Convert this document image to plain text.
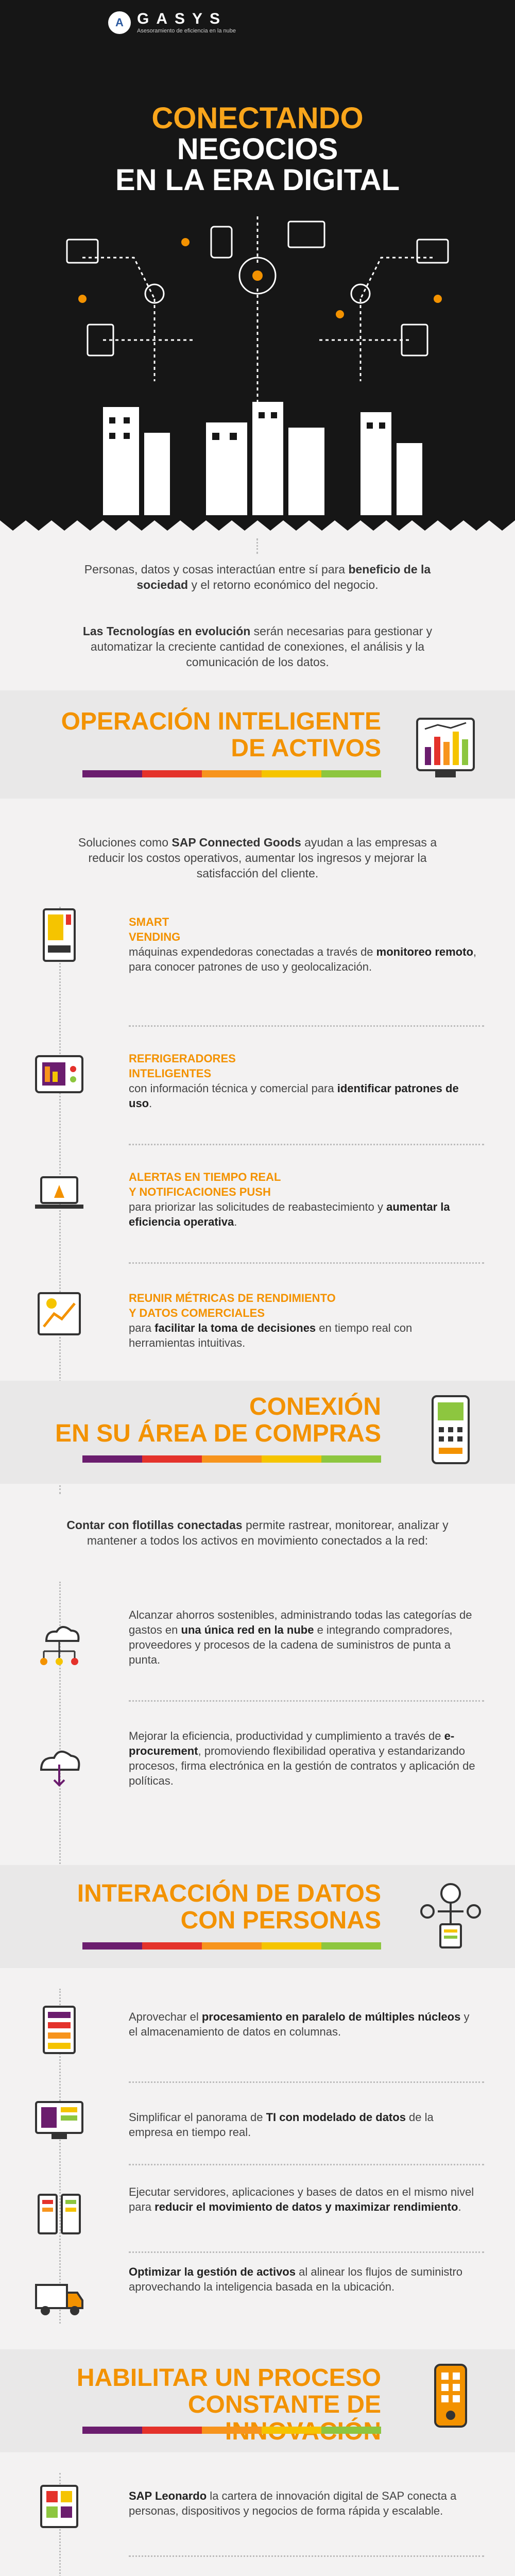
A GASYS
Asesoramiento de eficiencia en la nube
CONECTANDO
NEGOCIOS
EN LA ERA DIGITAL
Personas, datos y cosas interactúan entre sí para beneficio de la sociedad y el retorno económico del negocio.
Las Tecnologías en evolución serán necesarias para gestionar y automatizar la creciente cantidad de conexiones, el análisis y la comunicación de los datos.
OPERACIÓN INTELIGENTE
DE ACTIVOS
Soluciones como SAP Connected Goods ayudan a las empresas a reducir los costos operativos, aumentar los ingresos y mejorar la satisfacción del cliente.
SMART
VENDING
máquinas expendedoras conectadas a través de monitoreo remoto, para conocer patrones de uso y geolocalización.
REFRIGERADORES
INTELIGENTES
con información técnica y comercial para identificar patrones de uso.
ALERTAS EN TIEMPO REAL
Y NOTIFICACIONES PUSH
para priorizar las solicitudes de reabastecimiento y aumentar la eficiencia operativa.
REUNIR MÉTRICAS DE RENDIMIENTO
Y DATOS COMERCIALES
para facilitar la toma de decisiones en tiempo real con herramientas intuitivas.
CONEXIÓN
EN SU ÁREA DE COMPRAS
Contar con flotillas conectadas permite rastrear, monitorear, analizar y mantener a todos los activos en movimiento conectados a la red:
Alcanzar ahorros sostenibles, administrando todas las categorías de gastos en una única red en la nube e integrando compradores, proveedores y procesos de la cadena de suministros de punta a punta.
Mejorar la eficiencia, productividad y cumplimiento a través de e-procurement, promoviendo flexibilidad operativa y estandarizando procesos, firma electrónica en la gestión de contratos y aplicación de políticas.
INTERACCIÓN DE DATOS
CON PERSONAS
Aprovechar el procesamiento en paralelo de múltiples núcleos y el almacenamiento de datos en columnas.
Simplificar el panorama de TI con modelado de datos de la empresa en tiempo real.
Ejecutar servidores, aplicaciones y bases de datos en el mismo nivel para reducir el movimiento de datos y maximizar rendimiento.
Optimizar la gestión de activos al alinear los flujos de suministro aprovechando la inteligencia basada en la ubicación.
HABILITAR UN PROCESO
CONSTANTE DE
SAP Leonardo la cartera de innovación digital de SAP conecta a personas, dispositivos y negocios de forma rápida y escalable.
